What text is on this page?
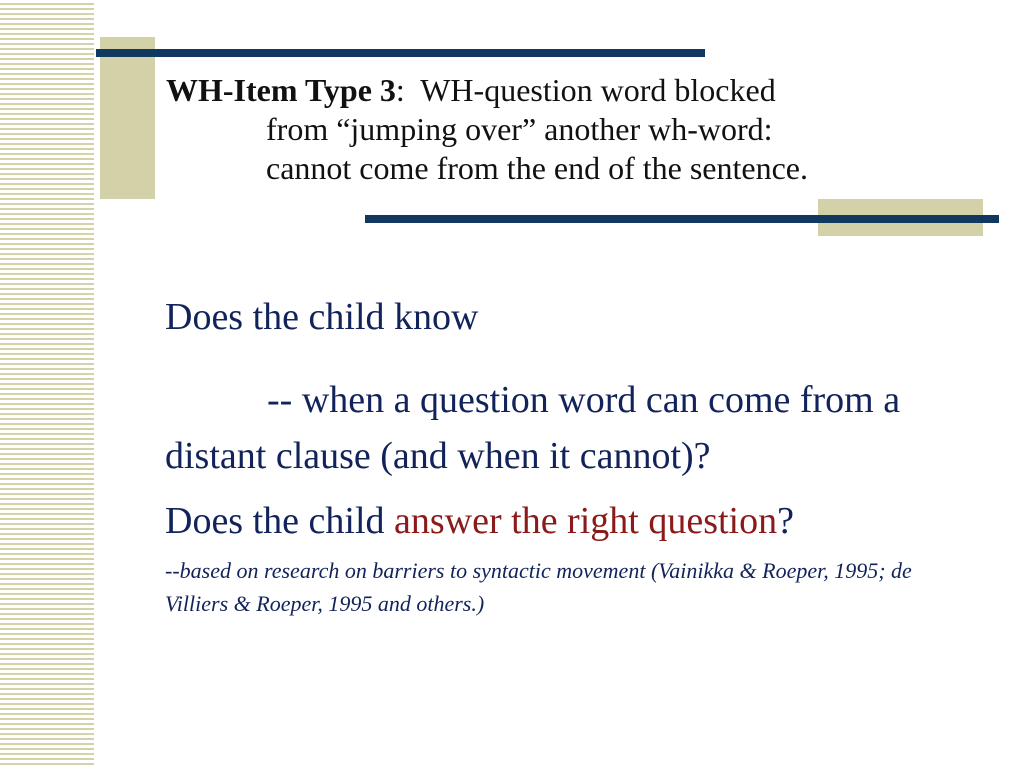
WH-Item Type 3:  WH-question word blocked
from “jumping over” another wh-word:
cannot come from the end of the sentence.

Does the child know

-- when a question word can come from a distant clause (and when it cannot)?

Does the child answer the right question?

--based on research on barriers to syntactic movement (Vainikka & Roeper, 1995; de Villiers & Roeper, 1995 and others.)
